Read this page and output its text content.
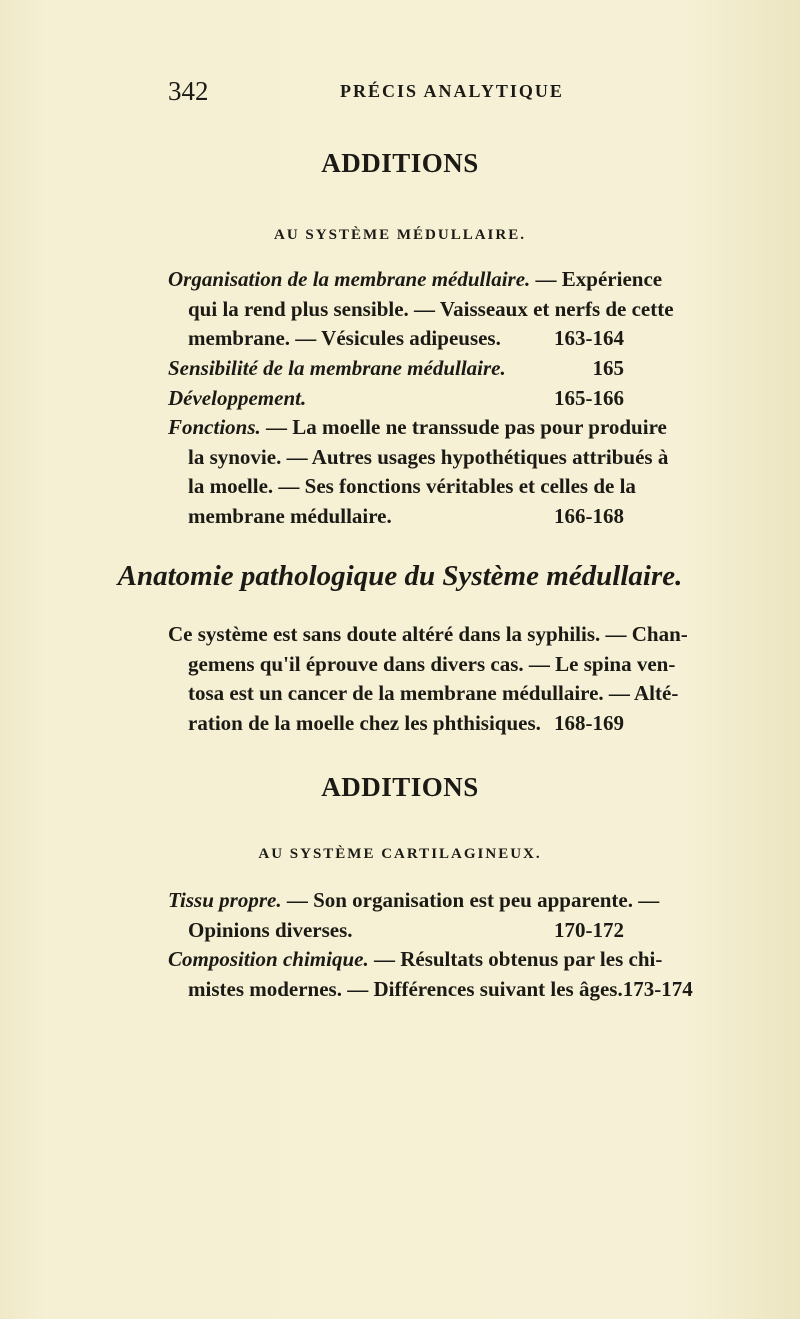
342	PRÉCIS ANALYTIQUE
ADDITIONS
AU SYSTÈME MÉDULLAIRE.
Organisation de la membrane médullaire. — Expérience
qui la rend plus sensible. — Vaisseaux et nerfs de cette
membrane. — Vésicules adipeuses.	163-164
Sensibilité de la membrane médullaire.	165
Développement.	165-166
Fonctions. — La moelle ne transsude pas pour produire
la synovie. — Autres usages hypothétiques attribués à
la moelle. — Ses fonctions véritables et celles de la
membrane médullaire.	166-168
Anatomie pathologique du Système médullaire.
Ce système est sans doute altéré dans la syphilis. — Chan-
gemens qu'il éprouve dans divers cas. — Le spina ven-
tosa est un cancer de la membrane médullaire. — Alté-
ration de la moelle chez les phthisiques. 168-169
ADDITIONS
AU SYSTÈME CARTILAGINEUX.
Tissu propre. — Son organisation est peu apparente. —
Opinions diverses.	170-172
Composition chimique. — Résultats obtenus par les chi-
mistes modernes. — Différences suivant les âges. 173-174
